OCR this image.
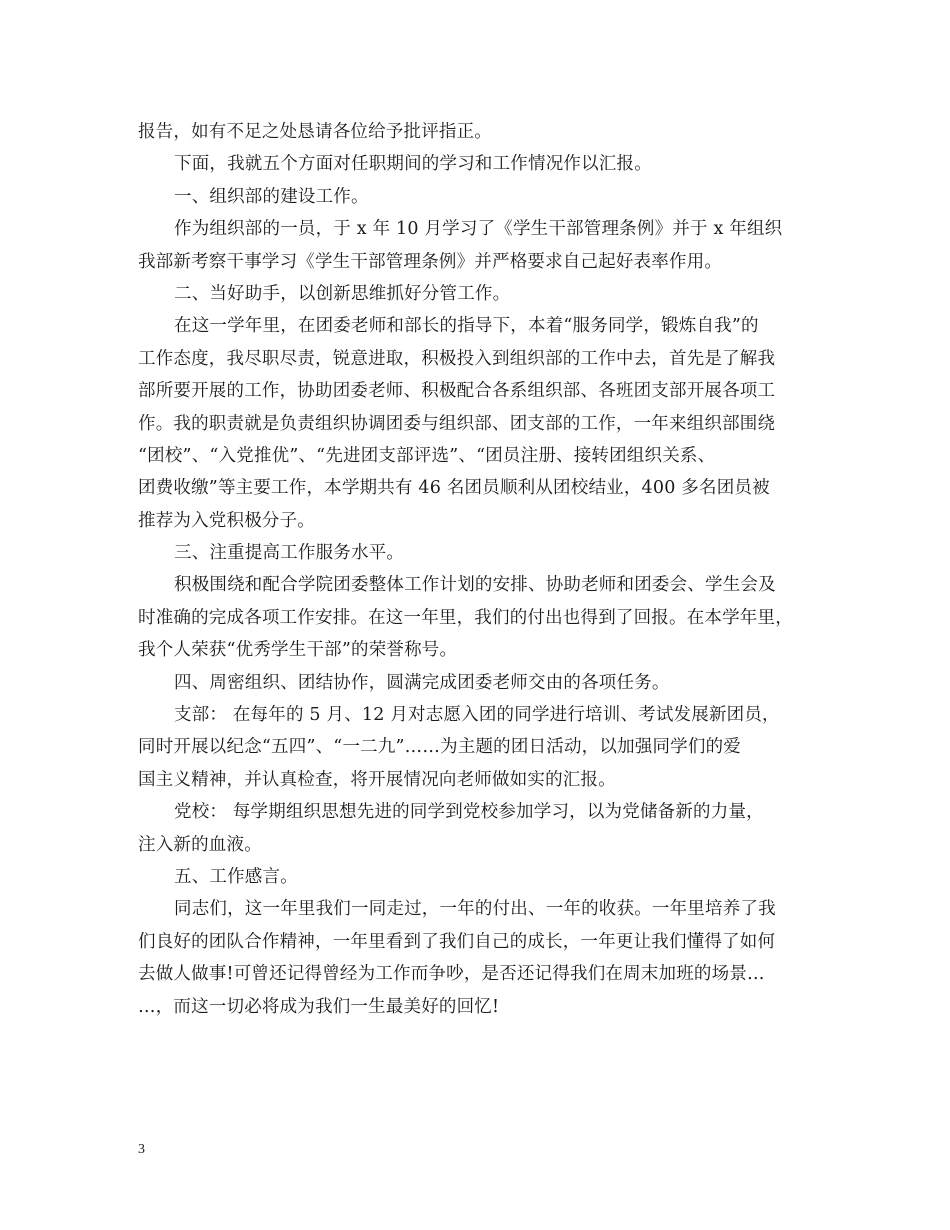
报告，如有不足之处恳请各位给予批评指正。
下面，我就五个方面对任职期间的学习和工作情况作以汇报。
一、组织部的建设工作。
作为组织部的一员，于 x 年 10 月学习了《学生干部管理条例》并于 x 年组织
我部新考察干事学习《学生干部管理条例》并严格要求自己起好表率作用。
二、当好助手，以创新思维抓好分管工作。
在这一学年里，在团委老师和部长的指导下，本着“服务同学，锻炼自我”的
工作态度，我尽职尽责，锐意进取，积极投入到组织部的工作中去，首先是了解我
部所要开展的工作，协助团委老师、积极配合各系组织部、各班团支部开展各项工
作。我的职责就是负责组织协调团委与组织部、团支部的工作，一年来组织部围绕
“团校”、“入党推优”、“先进团支部评选”、“团员注册、接转团组织关系、
团费收缴”等主要工作，本学期共有 46 名团员顺利从团校结业，400 多名团员被
推荐为入党积极分子。
三、注重提高工作服务水平。
积极围绕和配合学院团委整体工作计划的安排、协助老师和团委会、学生会及
时准确的完成各项工作安排。在这一年里，我们的付出也得到了回报。在本学年里，
我个人荣获“优秀学生干部”的荣誉称号。
四、周密组织、团结协作，圆满完成团委老师交由的各项任务。
支部： 在每年的 5 月、12 月对志愿入团的同学进行培训、考试发展新团员，
同时开展以纪念“五四”、“一二九”……为主题的团日活动，以加强同学们的爱
国主义精神，并认真检查，将开展情况向老师做如实的汇报。
党校： 每学期组织思想先进的同学到党校参加学习，以为党储备新的力量，
注入新的血液。
五、工作感言。
同志们，这一年里我们一同走过，一年的付出、一年的收获。一年里培养了我
们良好的团队合作精神，一年里看到了我们自己的成长，一年更让我们懂得了如何
去做人做事!可曾还记得曾经为工作而争吵，是否还记得我们在周末加班的场景…
…，而这一切必将成为我们一生最美好的回忆!
3
